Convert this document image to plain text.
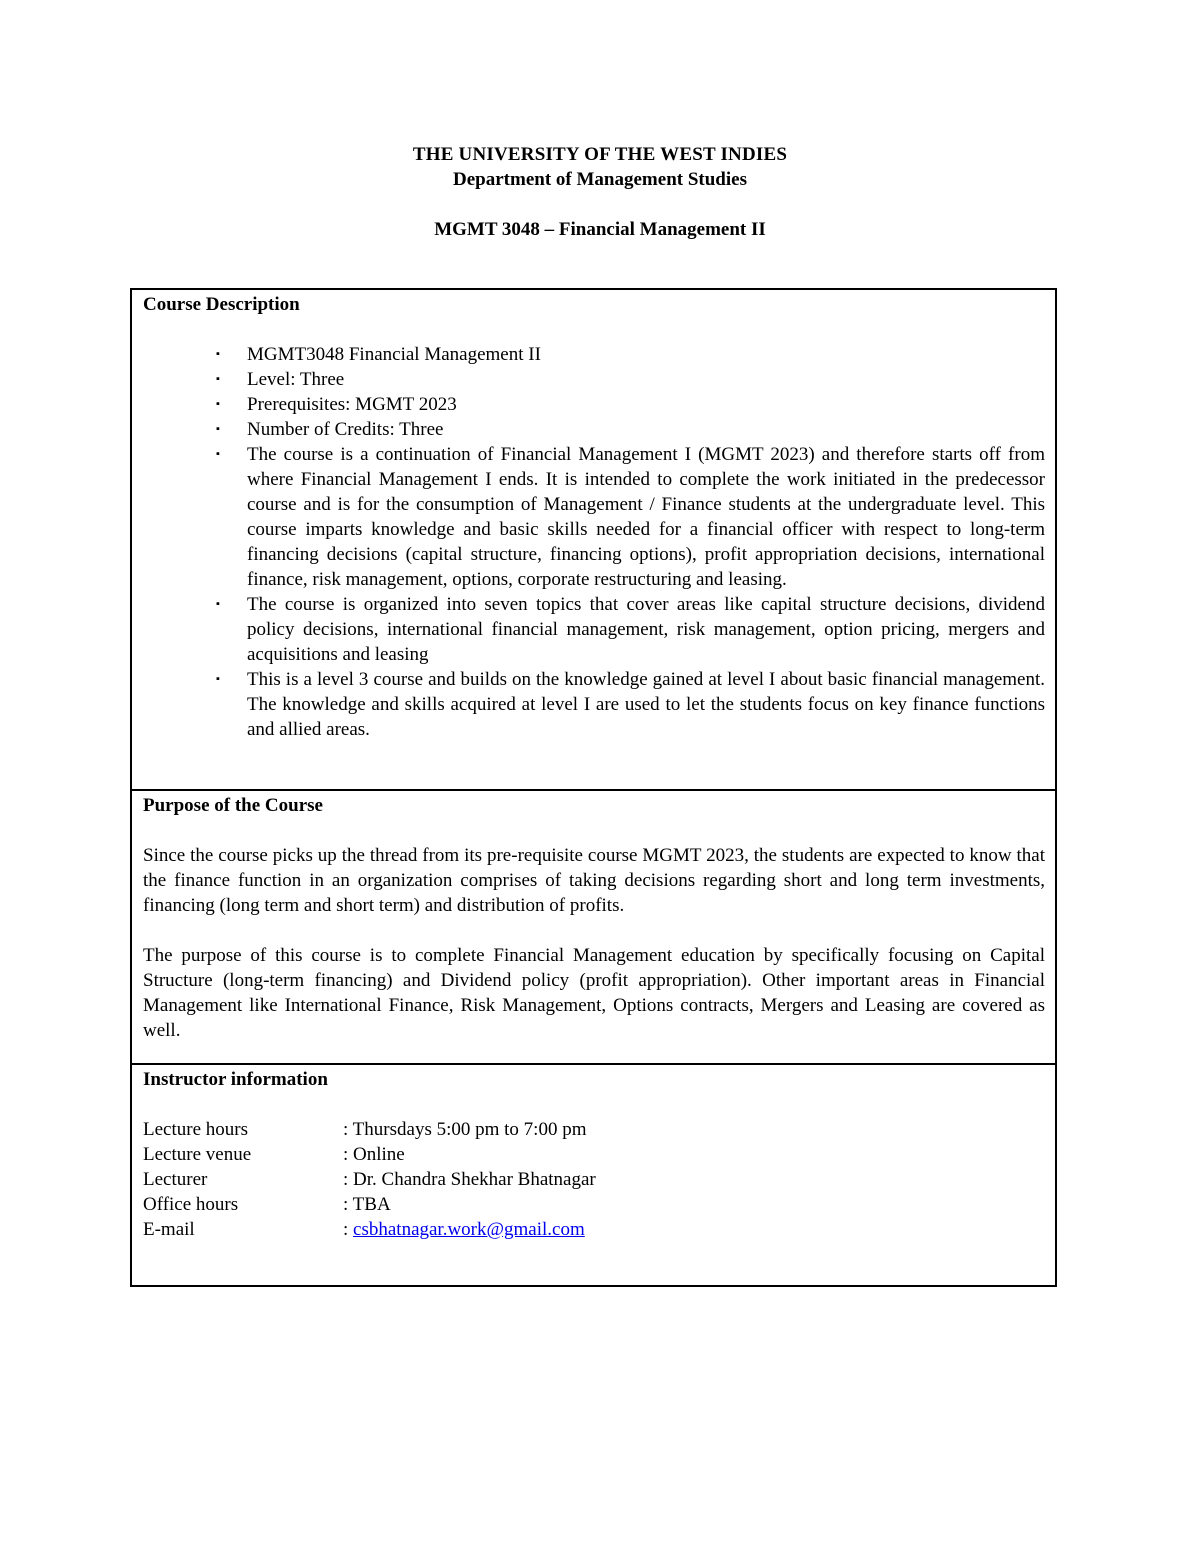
THE UNIVERSITY OF THE WEST INDIES
Department of Management Studies
MGMT 3048 – Financial Management II

Course Description

▪ MGMT3048 Financial Management II
▪ Level: Three
▪ Prerequisites: MGMT 2023
▪ Number of Credits: Three
▪ The course is a continuation of Financial Management I (MGMT 2023) and therefore starts off from where Financial Management I ends. It is intended to complete the work initiated in the predecessor course and is for the consumption of Management / Finance students at the undergraduate level. This course imparts knowledge and basic skills needed for a financial officer with respect to long-term financing decisions (capital structure, financing options), profit appropriation decisions, international finance, risk management, options, corporate restructuring and leasing.
▪ The course is organized into seven topics that cover areas like capital structure decisions, dividend policy decisions, international financial management, risk management, option pricing, mergers and acquisitions and leasing
▪ This is a level 3 course and builds on the knowledge gained at level I about basic financial management. The knowledge and skills acquired at level I are used to let the students focus on key finance functions and allied areas.

Purpose of the Course

Since the course picks up the thread from its pre-requisite course MGMT 2023, the students are expected to know that the finance function in an organization comprises of taking decisions regarding short and long term investments, financing (long term and short term) and distribution of profits.

The purpose of this course is to complete Financial Management education by specifically focusing on Capital Structure (long-term financing) and Dividend policy (profit appropriation). Other important areas in Financial Management like International Finance, Risk Management, Options contracts, Mergers and Leasing are covered as well.

Instructor information

Lecture hours	: Thursdays 5:00 pm to 7:00 pm
Lecture venue	: Online
Lecturer	: Dr. Chandra Shekhar Bhatnagar
Office hours	: TBA
E-mail	: csbhatnagar.work@gmail.com
